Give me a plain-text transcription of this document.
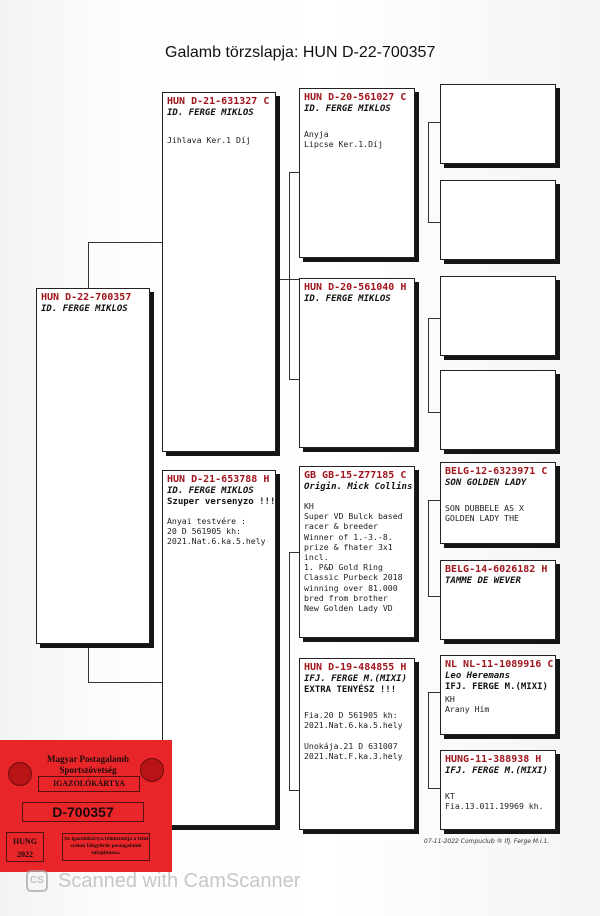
Galamb törzslapja: HUN D-22-700357
HUN D-22-700357
ID. FERGE MIKLOS
HUN D-21-631327 C
ID. FERGE MIKLOS
Jihlava Ker.1 Díj
HUN D-21-653788 H
ID. FERGE MIKLOS
Szuper versenyzo !!!
Anyai testvére :
20 D 561905 kh:
2021.Nat.6.ka.5.hely
HUN D-20-561027 C
ID. FERGE MIKLOS
Anyja
Lipcse Ker.1.Díj
HUN D-20-561040 H
ID. FERGE MIKLOS
GB GB-15-Z77185 C
Origin. Mick Collins
KH
Super VD Bulck based
racer & breeder
Winner of 1.-3.-8.
prize & fhater 3x1
incl.
1. P&D Gold Ring
Classic Purbeck 2018
winning over 81.000
bred from brother
New Golden Lady VD
HUN D-19-484855 H
IFJ. FERGE M.(MIXI)
EXTRA TENYÉSZ !!!
Fia.20 D 561905 kh:
2021.Nat.6.ka.5.hely

Unokája.21 D 631007
2021.Nat.F.ka.3.hely
BELG-12-6323971 C
SON GOLDEN LADY
SON DUBBELE AS X
GOLDEN LADY THE
BELG-14-6026182 H
TAMME DE WEVER
NL NL-11-1089916 C
Leo Heremans
IFJ. FERGE M.(MIXI)
KH
Arany Hím
HUNG-11-388938 H
IFJ. FERGE M.(MIXI)
KT
Fia.13.011.19969 kh.
07-11-2022 Compuclub ® Ifj. Ferge M.i.1.
Magyar Postagalamb
Sportszövetség
IGAZOLÓKÁRTYA
D-700357
HUNG
2022
Az igazolókártya felmutatója a fenti számú lábgyűrűs postagalamb tulajdonosa.
CS Scanned with CamScanner
